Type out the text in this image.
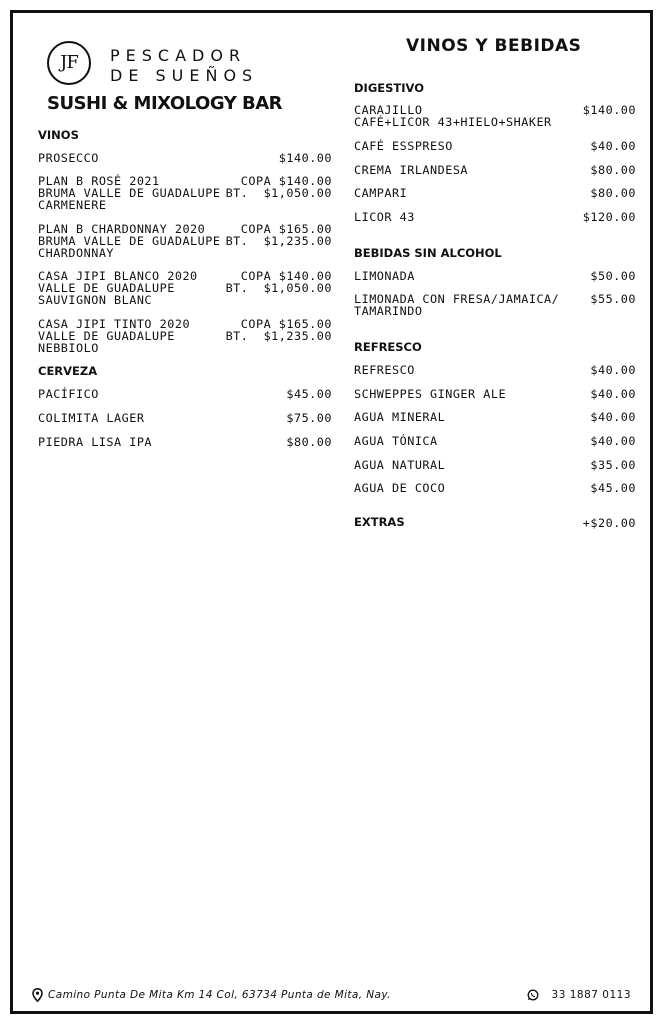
JF	PESCADOR
DE SUEÑOS
SUSHI & MIXOLOGY BAR
VINOS Y BEBIDAS
VINOS
PROSECCO	$140.00
PLAN B ROSÉ 2021
BRUMA VALLE DE GUADALUPE
CARMENERE
COPA $140.00
BT.  $1,050.00
PLAN B CHARDONNAY 2020
BRUMA VALLE DE GUADALUPE
CHARDONNAY
COPA $165.00
BT.  $1,235.00
CASA JIPI BLANCO 2020
VALLE DE GUADALUPE
SAUVIGNON BLANC
COPA $140.00
BT.  $1,050.00
CASA JIPI TINTO 2020
VALLE DE GUADALUPE
NEBBIOLO
COPA $165.00
BT.  $1,235.00
CERVEZA
PACÍFICO	$45.00
COLIMITA LAGER	$75.00
PIEDRA LISA IPA	$80.00
DIGESTIVO
CARAJILLO
CAFÉ+LICOR 43+HIELO+SHAKER
$140.00
CAFÉ ESSPRESO	$40.00
CREMA IRLANDESA	$80.00
CAMPARI	$80.00
LICOR 43	$120.00
BEBIDAS SIN ALCOHOL
LIMONADA	$50.00
LIMONADA CON FRESA/JAMAICA/
TAMARINDO
$55.00
REFRESCO
REFRESCO	$40.00
SCHWEPPES GINGER ALE	$40.00
AGUA MINERAL	$40.00
AGUA TÓNICA	$40.00
AGUA NATURAL	$35.00
AGUA DE COCO	$45.00
EXTRAS	+$20.00
Camino Punta De Mita Km 14 Col, 63734 Punta de Mita, Nay.	33 1887 0113
